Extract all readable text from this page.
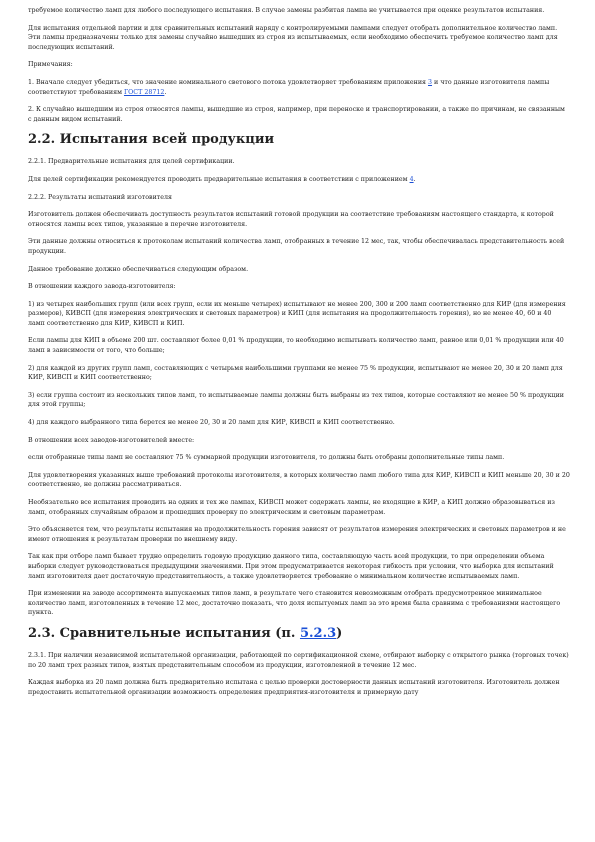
требуемое количество ламп для любого последующего испытания. В случае замены разбитая лампа не учитывается при оценке результатов испытания.

Для испытания отдельной партии и для сравнительных испытаний наряду с контролируемыми лампами следует отобрать дополнительное количество ламп. Эти лампы предназначены только для замены случайно вышедших из строя из испытываемых, если необходимо обеспечить требуемое количество ламп для последующих испытаний.

Примечания:

1. Вначале следует убедиться, что значение номинального светового потока удовлетворяет требованиям приложения 3 и что данные изготовителя лампы соответствуют требованиям ГОСТ 28712.

2. К случайно вышедшим из строя относятся лампы, вышедшие из строя, например, при переноске и транспортировании, а также по причинам, не связанным с данным видом испытаний.

2.2. Испытания всей продукции

2.2.1. Предварительные испытания для целей сертификации.

Для целей сертификации рекомендуется проводить предварительные испытания в соответствии с приложением 4.

2.2.2. Результаты испытаний изготовителя

Изготовитель должен обеспечивать доступность результатов испытаний готовой продукции на соответствие требованиям настоящего стандарта, к которой относятся лампы всех типов, указанные в перечне изготовителя.

Эти данные должны относиться к протоколам испытаний количества ламп, отобранных в течение 12 мес, так, чтобы обеспечивалась представительность всей продукции.

Данное требование должно обеспечиваться следующим образом.

В отношении каждого завода-изготовителя:

1) из четырех наибольших групп (или всех групп, если их меньше четырех) испытывают не менее 200, 300 и 200 ламп соответственно для КИР (для измерения размеров), КИВСП (для измерения электрических и световых параметров) и КИП (для испытания на продолжительность горения), но не менее 40, 60 и 40 ламп соответственно для КИР, КИВСП и КИП.

Если лампы для КИП в объеме 200 шт. составляют более 0,01 % продукции, то необходимо испытывать количество ламп, равное или 0,01 % продукции или 40 ламп в зависимости от того, что больше;

2) для каждой из других групп ламп, составляющих с четырьмя наибольшими группами не менее 75 % продукции, испытывают не менее 20, 30 и 20 ламп для КИР, КИВСП и КИП соответственно;

3) если группа состоит из нескольких типов ламп, то испытываемые лампы должны быть выбраны из тех типов, которые составляют не менее 50 % продукции для этой группы;

4) для каждого выбранного типа берется не менее 20, 30 и 20 ламп для КИР, КИВСП и КИП соответственно.

В отношении всех заводов-изготовителей вместе:

если отобранные типы ламп не составляют 75 % суммарной продукции изготовителя, то должны быть отобраны дополнительные типы ламп.

Для удовлетворения указанных выше требований протоколы изготовителя, в которых количество ламп любого типа для КИР, КИВСП и КИП меньше 20, 30 и 20 соответственно, не должны рассматриваться.

Необязательно все испытания проводить на одних и тех же лампах, КИВСП может содержать лампы, не входящие в КИР, а КИП должно образовываться из ламп, отобранных случайным образом и прошедших проверку по электрическим и световым параметрам.

Это объясняется тем, что результаты испытания на продолжительность горения зависят от результатов измерения электрических и световых параметров и не имеют отношения к результатам проверки по внешнему виду.

Так как при отборе ламп бывает трудно определить годовую продукцию данного типа, составляющую часть всей продукции, то при определении объема выборки следует руководствоваться предыдущими значениями. При этом предусматривается некоторая гибкость при условии, что выборка для испытаний ламп изготовителя дает достаточную представительность, а также удовлетворяется требование о минимальном количестве испытываемых ламп.

При изменении на заводе ассортимента выпускаемых типов ламп, в результате чего становится невозможным отобрать предусмотренное минимальное количество ламп, изготовленных в течение 12 мес, достаточно показать, что доля испытуемых ламп за это время была сравнима с требованиями настоящего пункта.

2.3. Сравнительные испытания (п. 5.2.3)

2.3.1. При наличии независимой испытательной организации, работающей по сертификационной схеме, отбирают выборку с открытого рынка (торговых точек) по 20 ламп трех разных типов, взятых представительным способом из продукции, изготовленной в течение 12 мес.

Каждая выборка из 20 ламп должна быть предварительно испытана с целью проверки достоверности данных испытаний изготовителя. Изготовитель должен предоставить испытательной организации возможность определения предприятия-изготовителя и примерную дату
